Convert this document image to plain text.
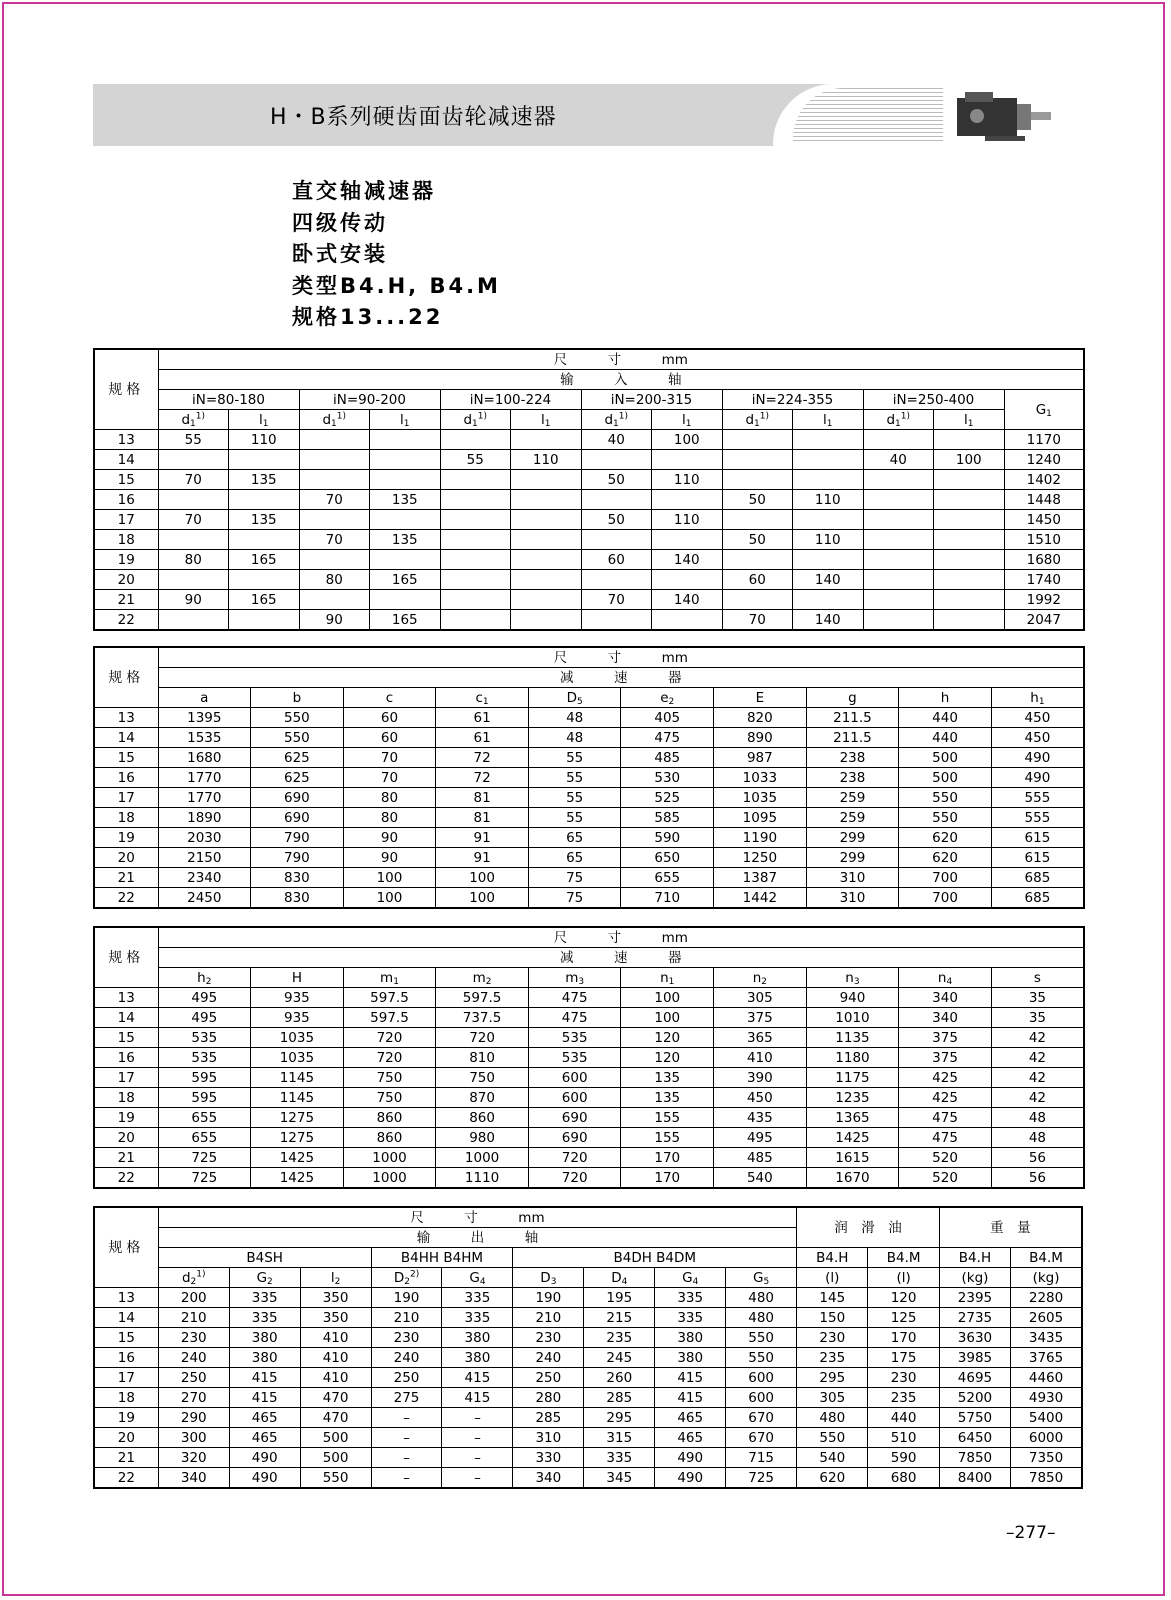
H・B系列硬齿面齿轮减速器
直交轴减速器
四级传动
卧式安装
类型B4.H, B4.M
规格13...22
规格	尺　　　寸　　　mm												
	输　　　入　　　轴												
	iN=80-180		iN=90-200		iN=100-224		iN=200-315		iN=224-355		iN=250-400		$G_1$
	$d_1^{1)}$	$l_1$	$d_1^{1)}$	$l_1$	$d_1^{1)}$	$l_1$	$d_1^{1)}$	$l_1$	$d_1^{1)}$	$l_1$	$d_1^{1)}$	$l_1$
13	55	110					40	100					1170
14					55	110					40	100	1240
15	70	135					50	110					1402
16			70	135					50	110			1448
17	70	135					50	110					1450
18			70	135					50	110			1510
19	80	165					60	140					1680
20			80	165					60	140			1740
21	90	165					70	140					1992
22			90	165					70	140			2047
规格	尺　　　寸　　　mm									
	减　　　速　　　器									
	a	b	c	$c_1$	$D_5$	$e_2$	E	g	h	$h_1$
13	1395	550	60	61	48	405	820	211.5	440	450
14	1535	550	60	61	48	475	890	211.5	440	450
15	1680	625	70	72	55	485	987	238	500	490
16	1770	625	70	72	55	530	1033	238	500	490
17	1770	690	80	81	55	525	1035	259	550	555
18	1890	690	80	81	55	585	1095	259	550	555
19	2030	790	90	91	65	590	1190	299	620	615
20	2150	790	90	91	65	650	1250	299	620	615
21	2340	830	100	100	75	655	1387	310	700	685
22	2450	830	100	100	75	710	1442	310	700	685
规格	尺　　　寸　　　mm									
	减　　　速　　　器									
	$h_2$	H	$m_1$	$m_2$	$m_3$	$n_1$	$n_2$	$n_3$	$n_4$	s
13	495	935	597.5	597.5	475	100	305	940	340	35
14	495	935	597.5	737.5	475	100	375	1010	340	35
15	535	1035	720	720	535	120	365	1135	375	42
16	535	1035	720	810	535	120	410	1180	375	42
17	595	1145	750	750	600	135	390	1175	425	42
18	595	1145	750	870	600	135	450	1235	425	42
19	655	1275	860	860	690	155	435	1365	475	48
20	655	1275	860	980	690	155	495	1425	475	48
21	725	1425	1000	1000	720	170	485	1615	520	56
22	725	1425	1000	1110	720	170	540	1670	520	56
规格	尺　　　寸　　　mm									润　滑　油		重　量	
	输　　　出　　　轴												
	B4SH			B4HH B4HM		B4DH B4DM				B4.H	B4.M	B4.H	B4.M
	$d_2^{1)}$	$G_2$	$l_2$	$D_2^{2)}$	$G_4$	$D_3$	$D_4$	$G_4$	$G_5$	(l)	(l)	(kg)	(kg)
13	200	335	350	190	335	190	195	335	480	145	120	2395	2280
14	210	335	350	210	335	210	215	335	480	150	125	2735	2605
15	230	380	410	230	380	230	235	380	550	230	170	3630	3435
16	240	380	410	240	380	240	245	380	550	235	175	3985	3765
17	250	415	410	250	415	250	260	415	600	295	230	4695	4460
18	270	415	470	275	415	280	285	415	600	305	235	5200	4930
19	290	465	470	–	–	285	295	465	670	480	440	5750	5400
20	300	465	500	–	–	310	315	465	670	550	510	6450	6000
21	320	490	500	–	–	330	335	490	715	540	590	7850	7350
22	340	490	550	–	–	340	345	490	725	620	680	8400	7850
–277–
